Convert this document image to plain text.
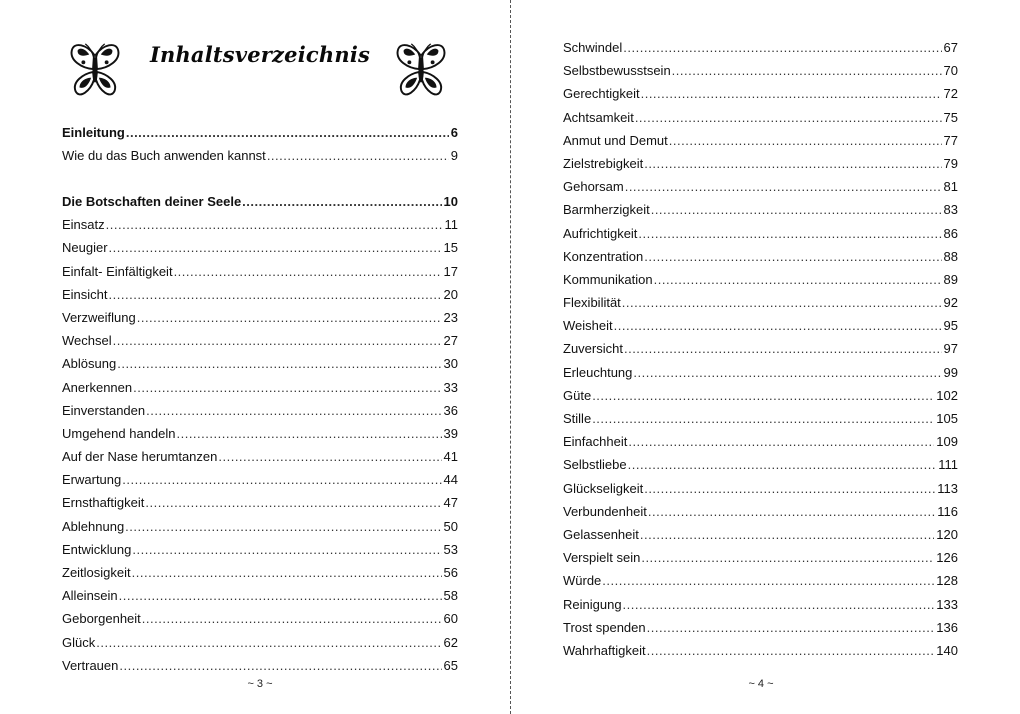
Inhaltsverzeichnis
Einleitung .....	6
Wie du das Buch anwenden kannst .....	9
Die Botschaften deiner Seele .....	10
Einsatz .....	11
Neugier .....	15
Einfalt- Einfältigkeit .....	17
Einsicht .....	20
Verzweiflung .....	23
Wechsel .....	27
Ablösung .....	30
Anerkennen .....	33
Einverstanden .....	36
Umgehend handeln .....	39
Auf der Nase herumtanzen .....	41
Erwartung .....	44
Ernsthaftigkeit .....	47
Ablehnung .....	50
Entwicklung .....	53
Zeitlosigkeit .....	56
Alleinsein .....	58
Geborgenheit .....	60
Glück .....	62
Vertrauen .....	65
~ 3 ~
Schwindel .....	67
Selbstbewusstsein .....	70
Gerechtigkeit .....	72
Achtsamkeit .....	75
Anmut und Demut .....	77
Zielstrebigkeit .....	79
Gehorsam .....	81
Barmherzigkeit .....	83
Aufrichtigkeit .....	86
Konzentration .....	88
Kommunikation .....	89
Flexibilität .....	92
Weisheit .....	95
Zuversicht .....	97
Erleuchtung .....	99
Güte .....	102
Stille .....	105
Einfachheit .....	109
Selbstliebe .....	111
Glückseligkeit .....	113
Verbundenheit .....	116
Gelassenheit .....	120
Verspielt sein .....	126
Würde .....	128
Reinigung .....	133
Trost spenden .....	136
Wahrhaftigkeit .....	140
~ 4 ~
